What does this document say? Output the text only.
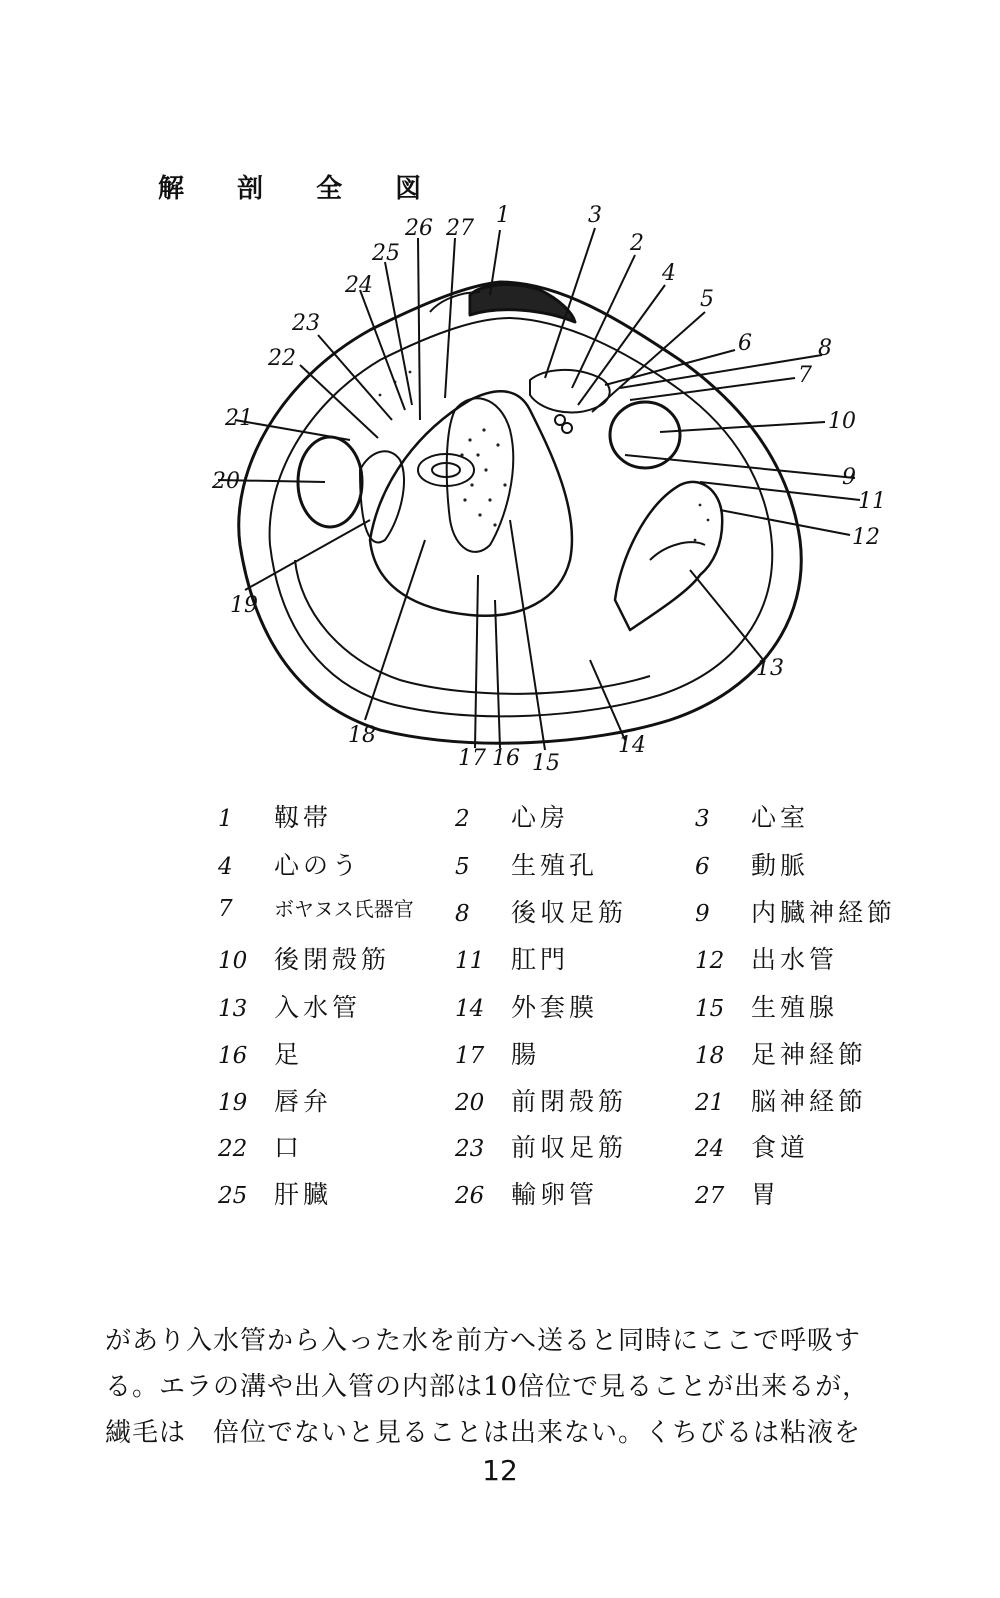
解 剖 全 図
1
2
3
4
5
6
7
8
9
10
11
12
13
14
15
16
17
18
19
20
21
22
23
24
25
26 27
1 靱帯	2 心房	3 心室
4 心のう	5 生殖孔	6 動脈
7 ボヤヌス氏器官 8 後収足筋	9 内臓神経節
10 後閉殻筋	11 肛門	12 出水管
13 入水管	14 外套膜	15 生殖腺
16 足	17 腸	18 足神経節
19 唇弁	20 前閉殻筋	21 脳神経節
22 口	23 前収足筋	24 食道
25 肝臓	26 輸卵管	27 胃
があり入水管から入った水を前方へ送ると同時にここで呼吸す
る。エラの溝や出入管の内部は10倍位で見ることが出来るが，
繊毛は　倍位でないと見ることは出来ない。くちびるは粘液を
12
